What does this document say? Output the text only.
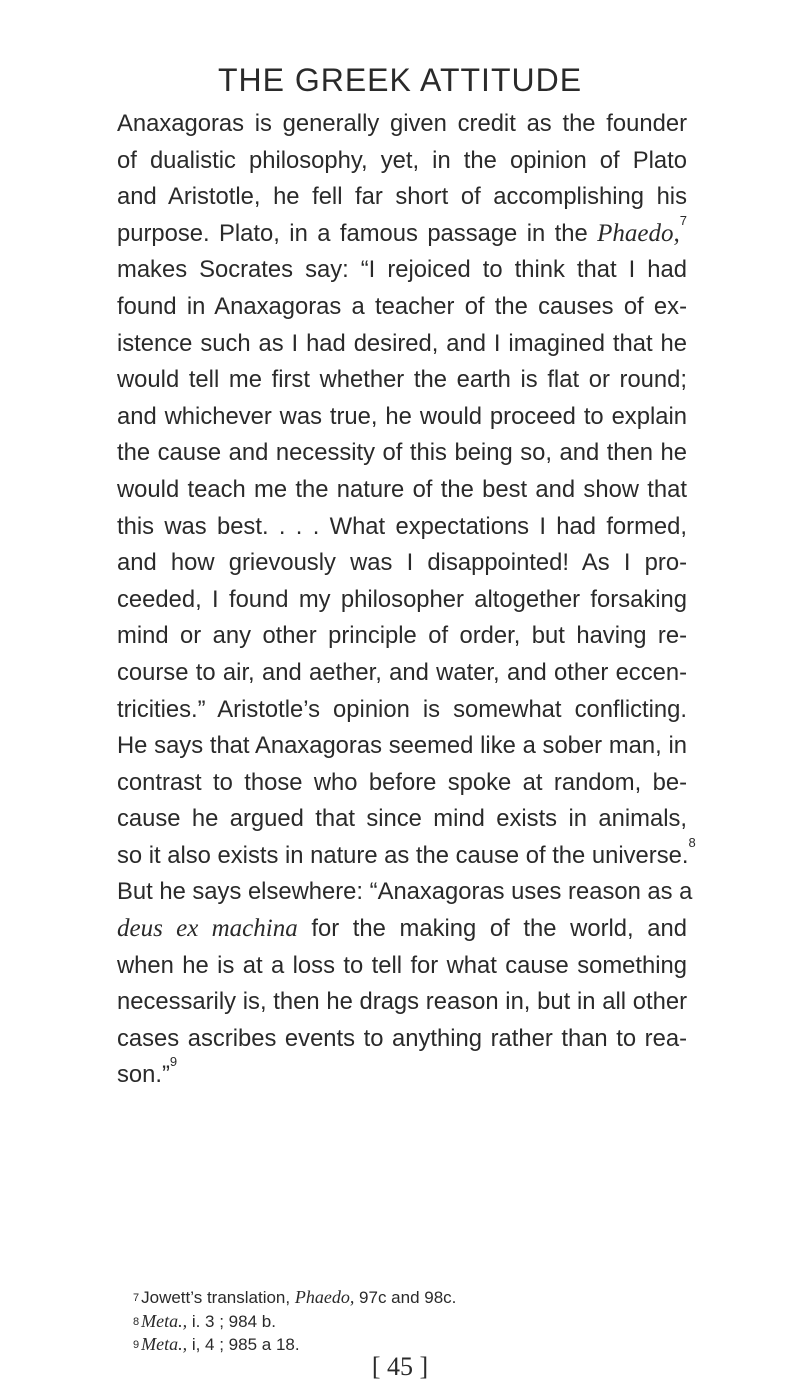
THE GREEK ATTITUDE
Anaxagoras is generally given credit as the founder
of dualistic philosophy, yet, in the opinion of Plato
and Aristotle, he fell far short of accomplishing his
purpose. Plato, in a famous passage in the Phaedo,$^7$
makes Socrates say: “I rejoiced to think that I had
found in Anaxagoras a teacher of the causes of ex-
istence such as I had desired, and I imagined that he
would tell me first whether the earth is flat or round;
and whichever was true, he would proceed to explain
the cause and necessity of this being so, and then he
would teach me the nature of the best and show that
this was best. . . . What expectations I had formed,
and how grievously was I disappointed! As I pro-
ceeded, I found my philosopher altogether forsaking
mind or any other principle of order, but having re-
course to air, and aether, and water, and other eccen-
tricities.” Aristotle’s opinion is somewhat conflicting.
He says that Anaxagoras seemed like a sober man, in
contrast to those who before spoke at random, be-
cause he argued that since mind exists in animals,
so it also exists in nature as the cause of the universe.$^8$
But he says elsewhere: “Anaxagoras uses reason as a
deus ex machina for the making of the world, and
when he is at a loss to tell for what cause something
necessarily is, then he drags reason in, but in all other
cases ascribes events to anything rather than to rea-
son.”$^9$
$^7$ Jowett’s translation, Phaedo, 97c and 98c.
$^8$ Meta., i. 3 ; 984 b.
$^9$ Meta., i, 4 ; 985 a 18.
[ 45 ]
